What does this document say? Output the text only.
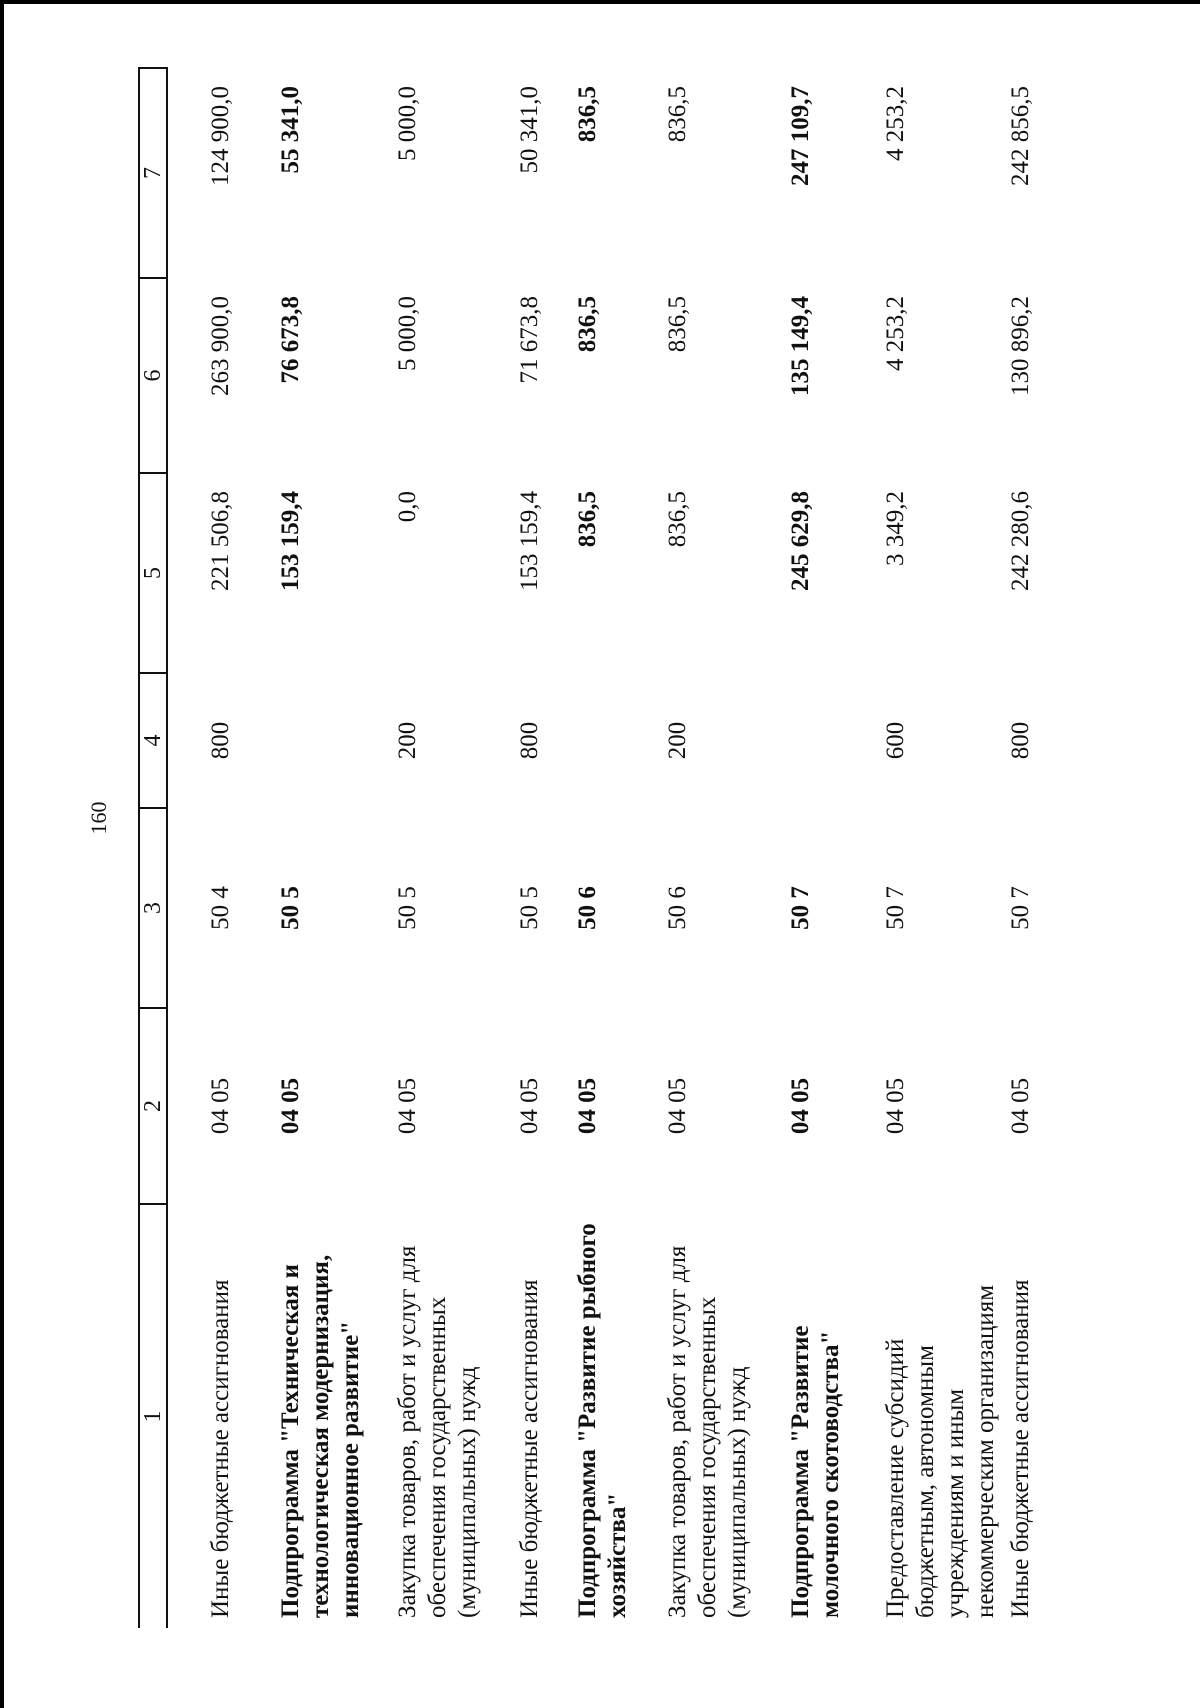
160
1	2	3	4	5	6	7
Иные бюджетные ассигнования	04 05	50 4	800	221 506,8	263 900,0	124 900,0
Подпрограмма "Техническая и технологическая модернизация, инновационное развитие"	04 05	50 5		153 159,4	76 673,8	55 341,0
Закупка товаров, работ и услуг для обеспечения государственных (муниципальных) нужд	04 05	50 5	200	0,0	5 000,0	5 000,0
Иные бюджетные ассигнования	04 05	50 5	800	153 159,4	71 673,8	50 341,0
Подпрограмма "Развитие рыбного хозяйства"	04 05	50 6		836,5	836,5	836,5
Закупка товаров, работ и услуг для обеспечения государственных (муниципальных) нужд	04 05	50 6	200	836,5	836,5	836,5
Подпрограмма "Развитие молочного скотоводства"	04 05	50 7		245 629,8	135 149,4	247 109,7
Предоставление субсидий бюджетным, автономным учреждениям и иным некоммерческим организациям	04 05	50 7	600	3 349,2	4 253,2	4 253,2
Иные бюджетные ассигнования	04 05	50 7	800	242 280,6	130 896,2	242 856,5
